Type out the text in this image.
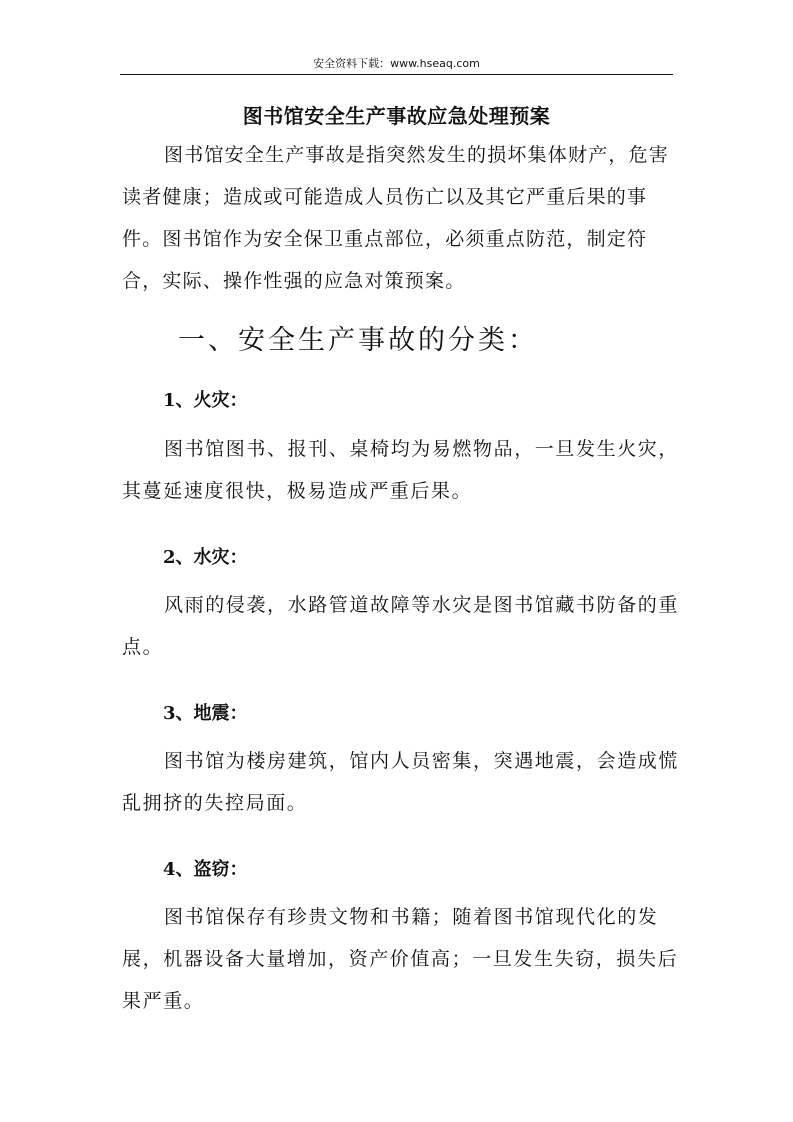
安全资料下载：www.hseaq.com
图书馆安全生产事故应急处理预案

图书馆安全生产事故是指突然发生的损坏集体财产，危害读者健康；造成或可能造成人员伤亡以及其它严重后果的事件。图书馆作为安全保卫重点部位，必须重点防范，制定符合，实际、操作性强的应急对策预案。

一、安全生产事故的分类：
1、火灾：

图书馆图书、报刊、桌椅均为易燃物品，一旦发生火灾，其蔓延速度很快，极易造成严重后果。

2、水灾：

风雨的侵袭，水路管道故障等水灾是图书馆藏书防备的重点。

3、地震：

图书馆为楼房建筑，馆内人员密集，突遇地震，会造成慌乱拥挤的失控局面。

4、盗窃：

图书馆保存有珍贵文物和书籍；随着图书馆现代化的发展，机器设备大量增加，资产价值高；一旦发生失窃，损失后果严重。
